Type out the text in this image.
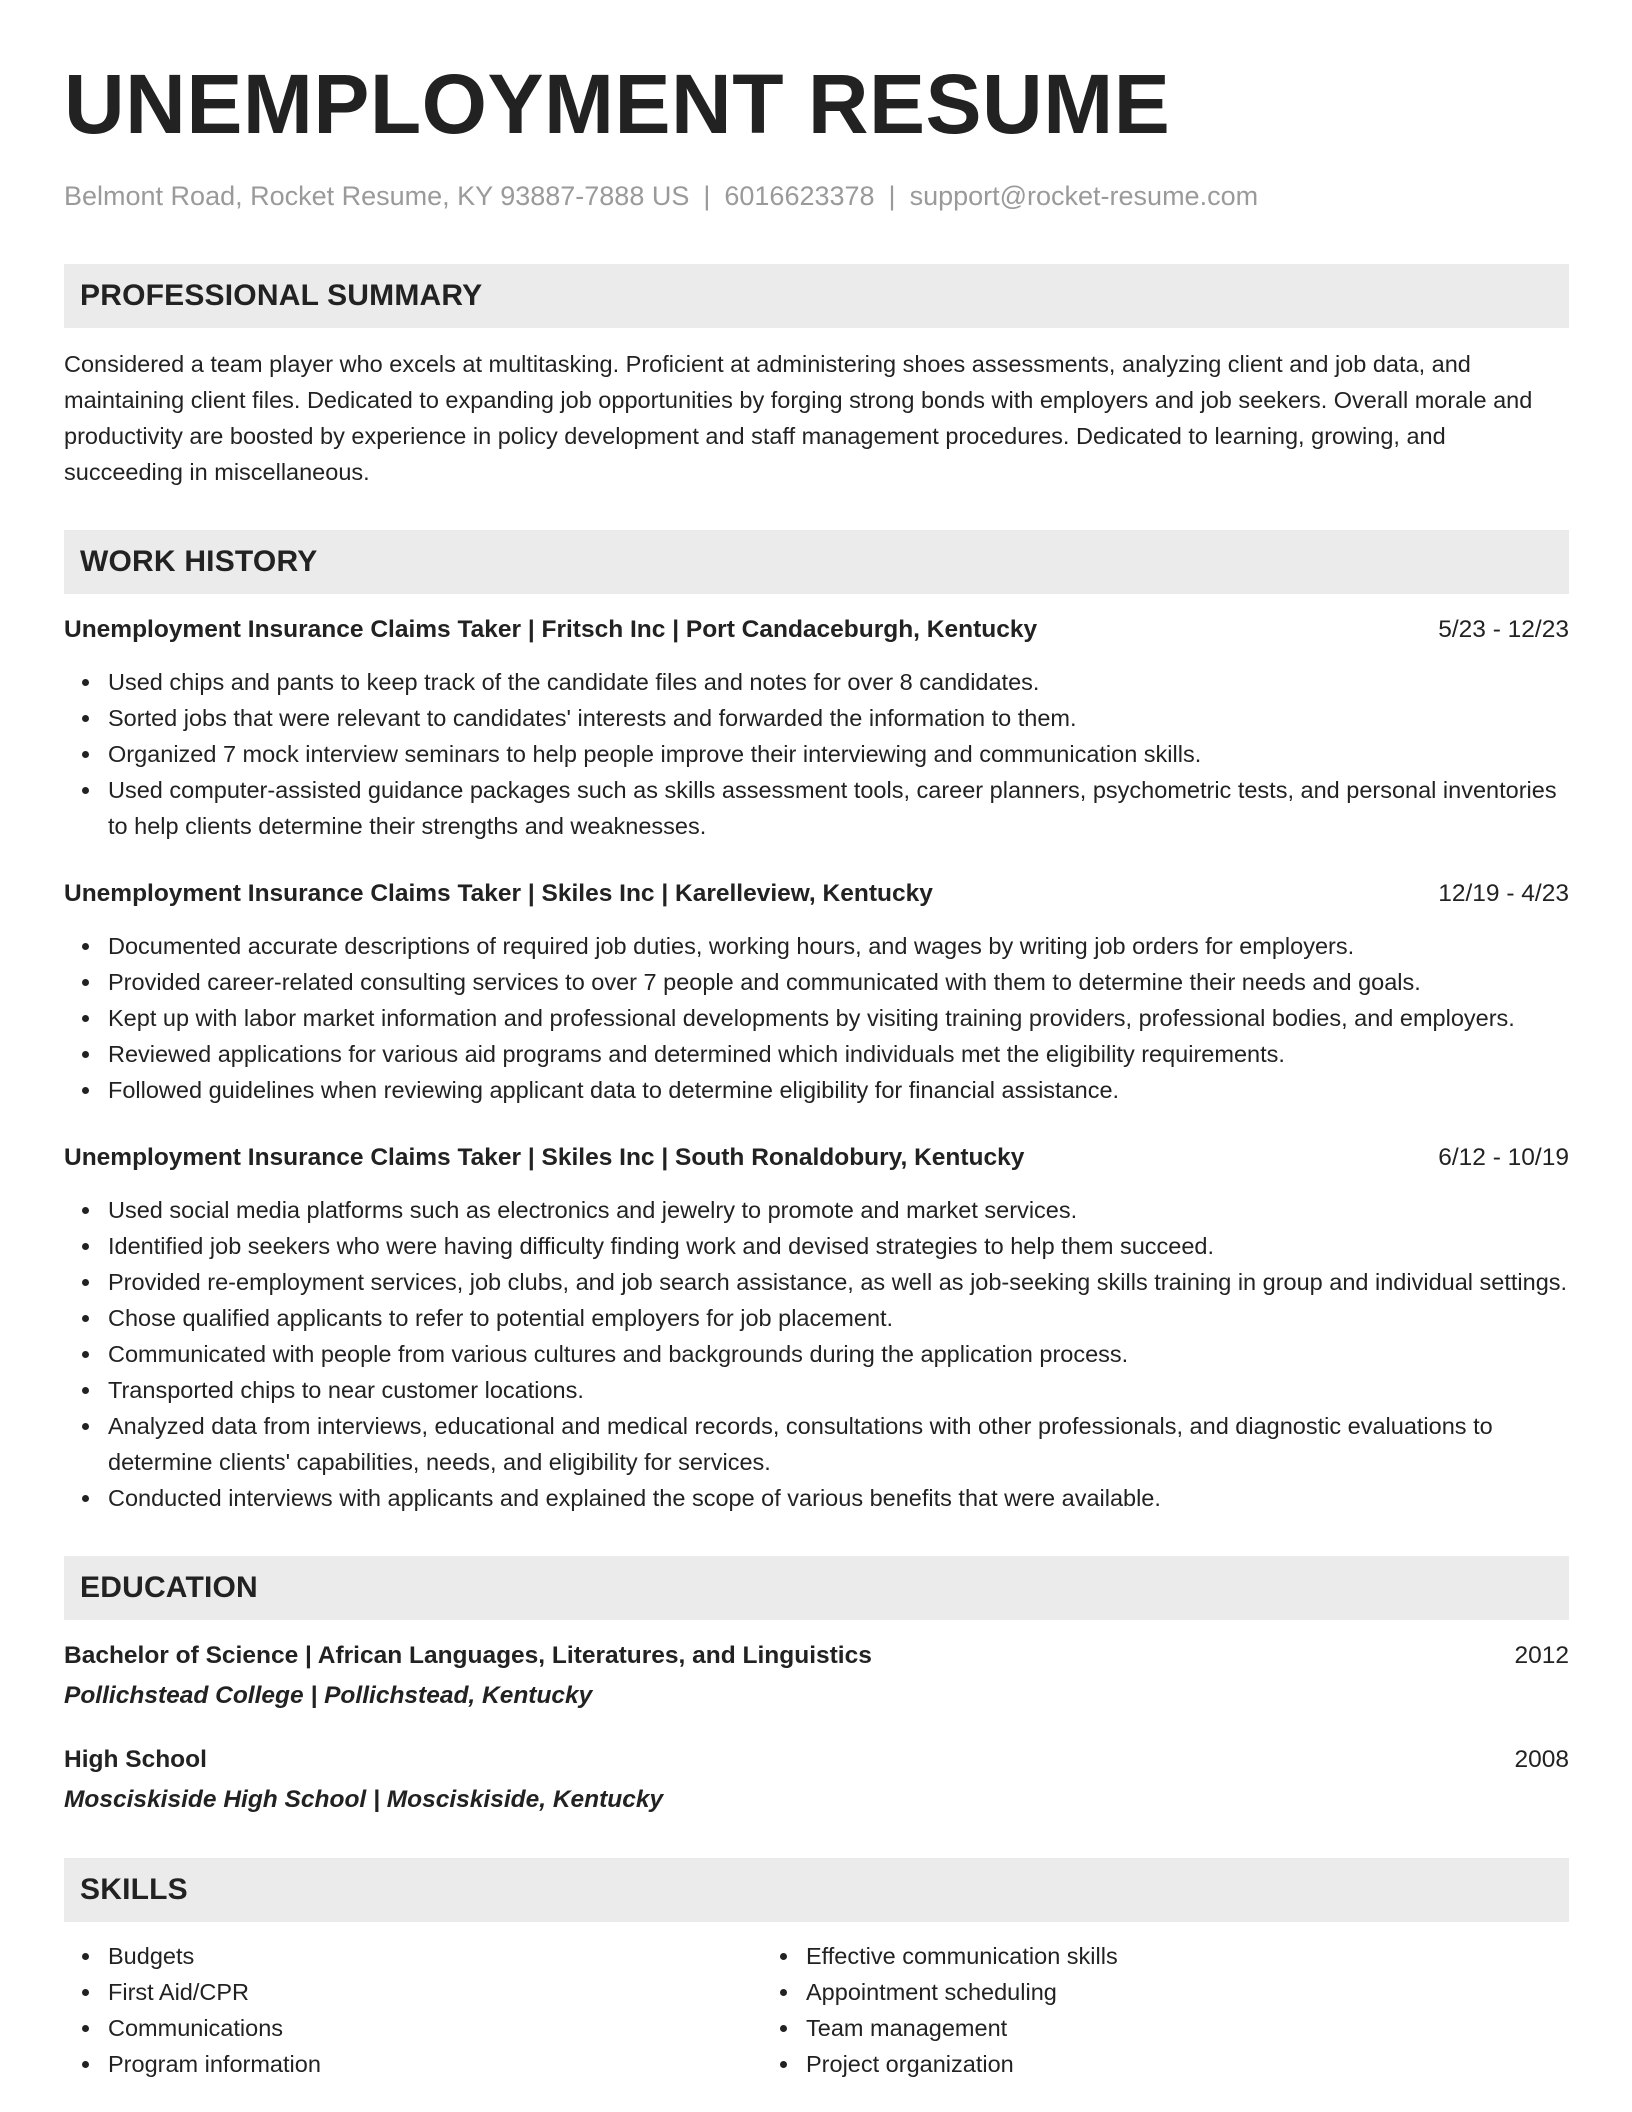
UNEMPLOYMENT RESUME
Belmont Road, Rocket Resume, KY 93887-7888 US | 6016623378 | support@rocket-resume.com
PROFESSIONAL SUMMARY
Considered a team player who excels at multitasking. Proficient at administering shoes assessments, analyzing client and job data, and maintaining client files. Dedicated to expanding job opportunities by forging strong bonds with employers and job seekers. Overall morale and productivity are boosted by experience in policy development and staff management procedures. Dedicated to learning, growing, and succeeding in miscellaneous.
WORK HISTORY
Unemployment Insurance Claims Taker | Fritsch Inc | Port Candaceburgh, Kentucky	5/23 - 12/23
Used chips and pants to keep track of the candidate files and notes for over 8 candidates.
Sorted jobs that were relevant to candidates' interests and forwarded the information to them.
Organized 7 mock interview seminars to help people improve their interviewing and communication skills.
Used computer-assisted guidance packages such as skills assessment tools, career planners, psychometric tests, and personal inventories to help clients determine their strengths and weaknesses.
Unemployment Insurance Claims Taker | Skiles Inc | Karelleview, Kentucky	12/19 - 4/23
Documented accurate descriptions of required job duties, working hours, and wages by writing job orders for employers.
Provided career-related consulting services to over 7 people and communicated with them to determine their needs and goals.
Kept up with labor market information and professional developments by visiting training providers, professional bodies, and employers.
Reviewed applications for various aid programs and determined which individuals met the eligibility requirements.
Followed guidelines when reviewing applicant data to determine eligibility for financial assistance.
Unemployment Insurance Claims Taker | Skiles Inc | South Ronaldobury, Kentucky	6/12 - 10/19
Used social media platforms such as electronics and jewelry to promote and market services.
Identified job seekers who were having difficulty finding work and devised strategies to help them succeed.
Provided re-employment services, job clubs, and job search assistance, as well as job-seeking skills training in group and individual settings.
Chose qualified applicants to refer to potential employers for job placement.
Communicated with people from various cultures and backgrounds during the application process.
Transported chips to near customer locations.
Analyzed data from interviews, educational and medical records, consultations with other professionals, and diagnostic evaluations to determine clients' capabilities, needs, and eligibility for services.
Conducted interviews with applicants and explained the scope of various benefits that were available.
EDUCATION
Bachelor of Science | African Languages, Literatures, and Linguistics	2012
Pollichstead College | Pollichstead, Kentucky
High School	2008
Mosciskiside High School | Mosciskiside, Kentucky
SKILLS
Budgets
First Aid/CPR
Communications
Program information
Effective communication skills
Appointment scheduling
Team management
Project organization
